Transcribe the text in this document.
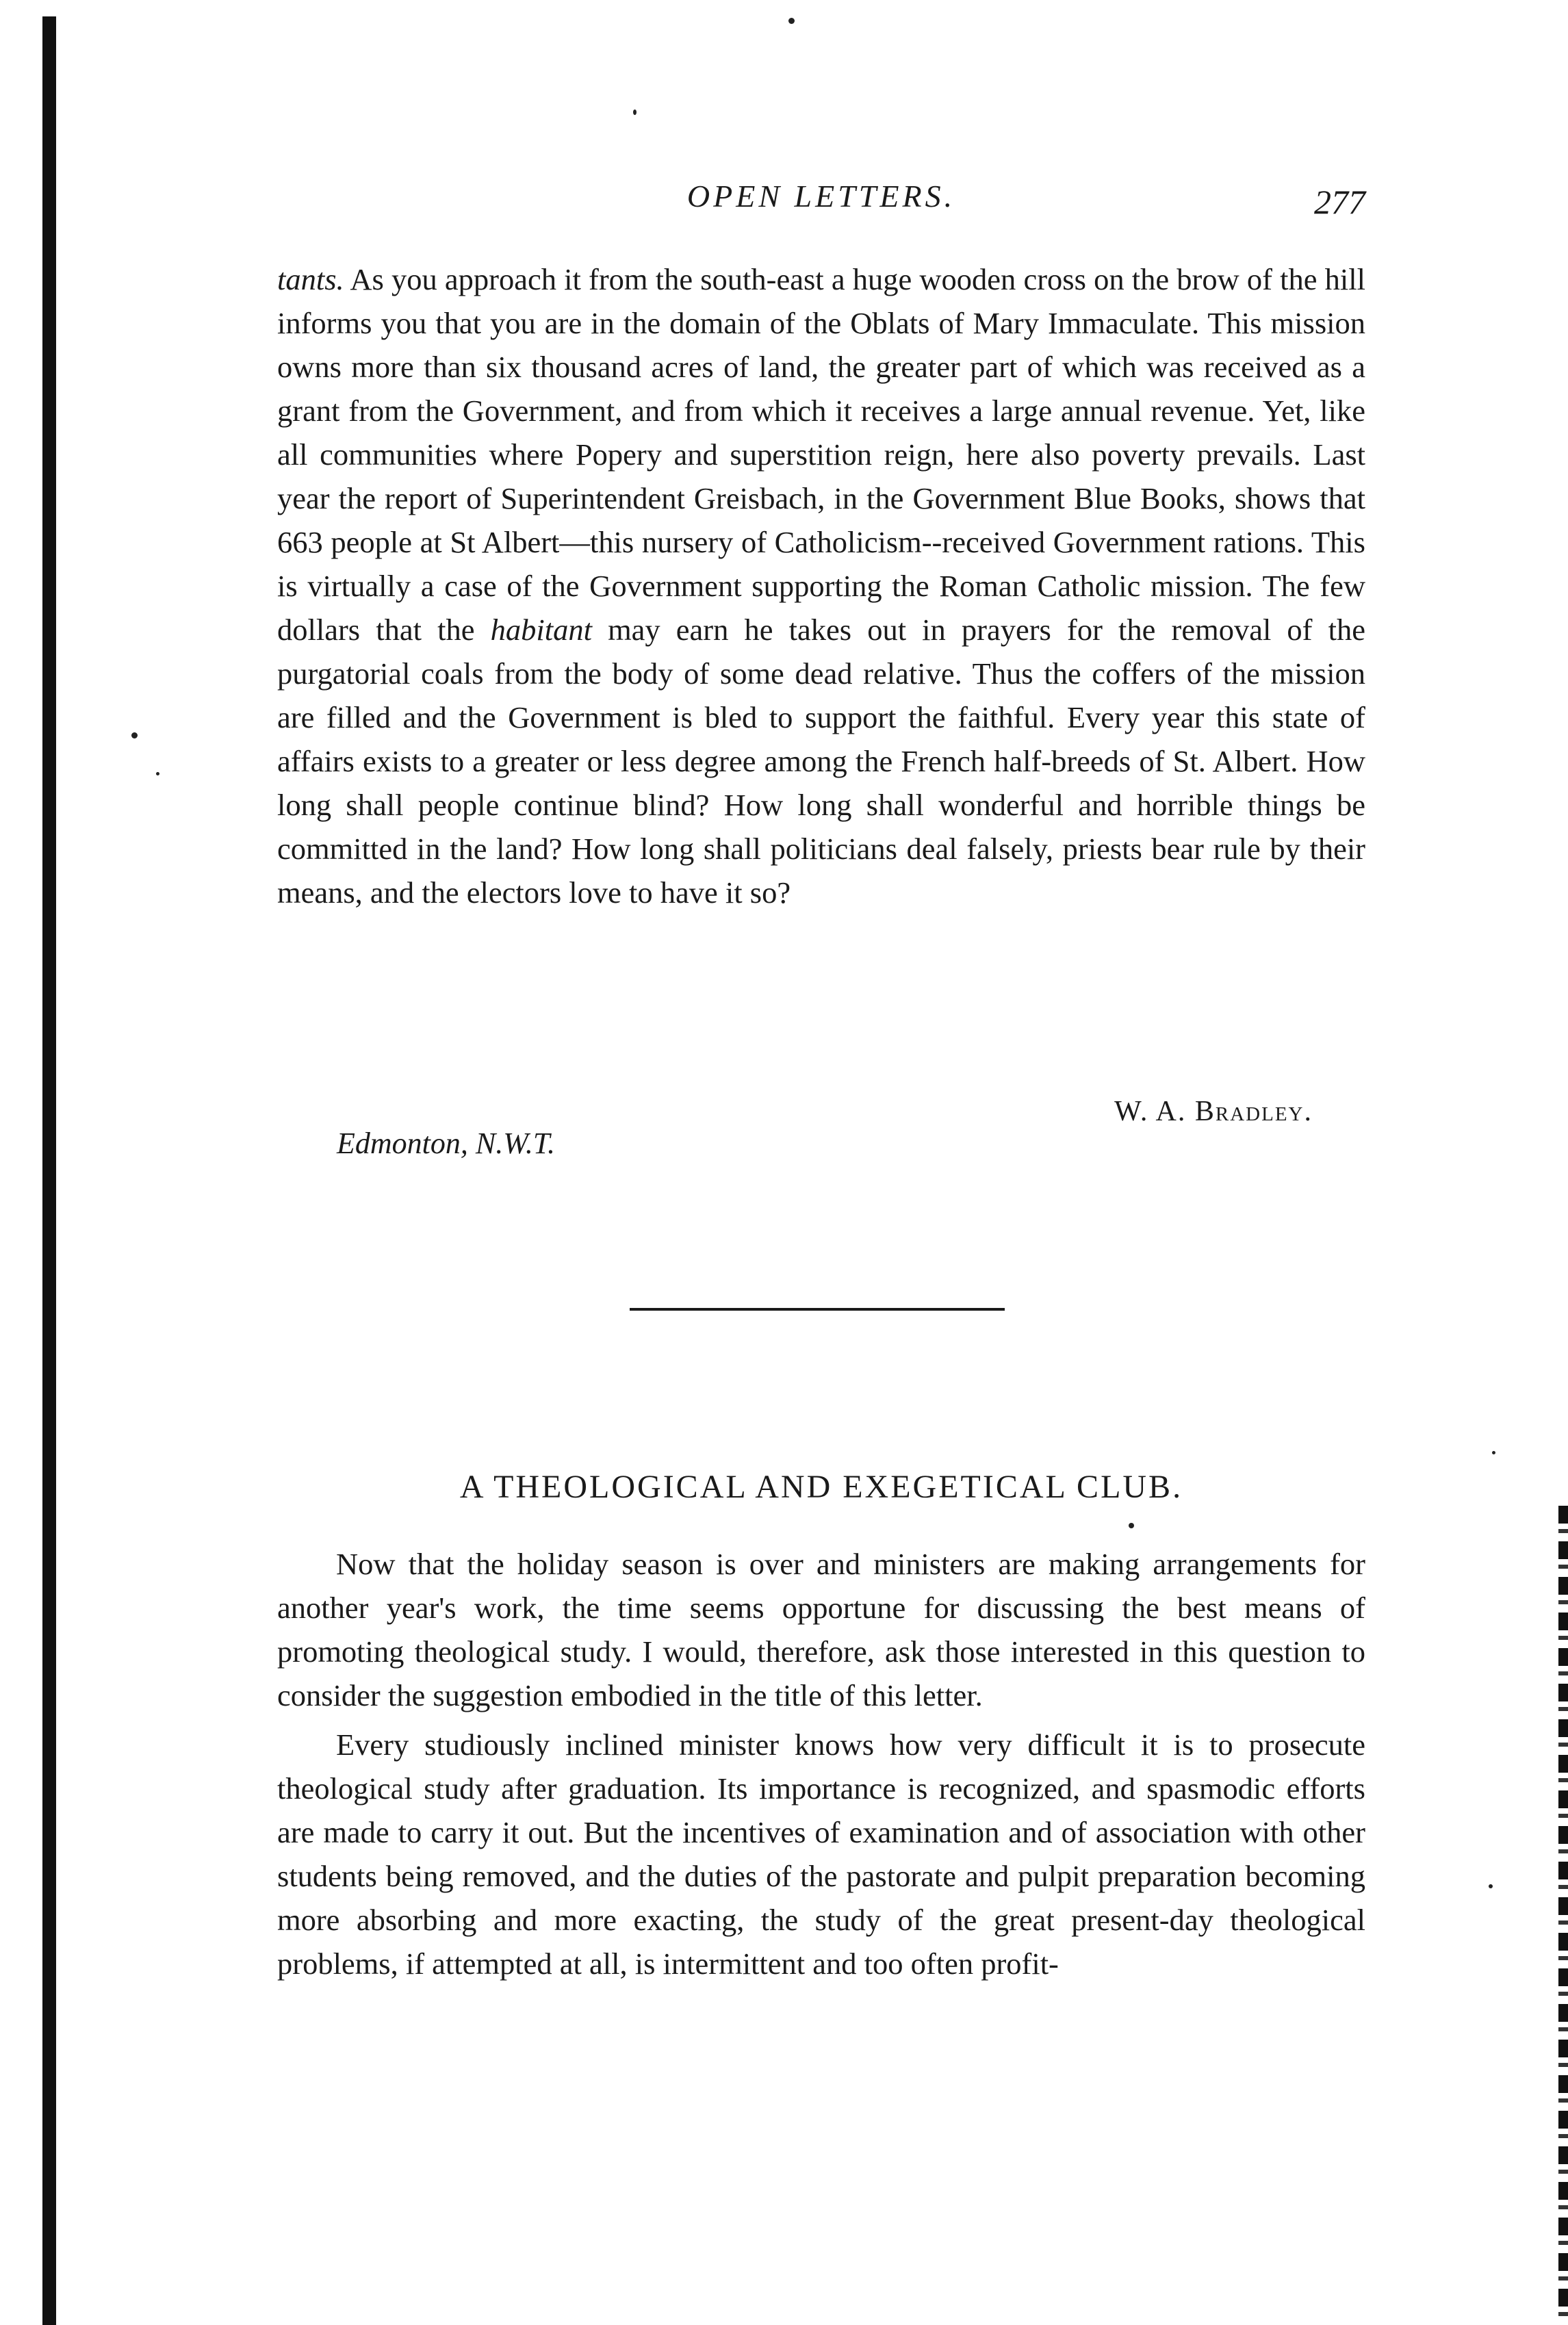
OPEN LETTERS.	277

tants. As you approach it from the south-east a huge wooden cross on the brow of the hill informs you that you are in the domain of the Oblats of Mary Immaculate. This mission owns more than six thousand acres of land, the greater part of which was received as a grant from the Government, and from which it receives a large annual revenue. Yet, like all communities where Popery and superstition reign, here also poverty prevails. Last year the report of Superintendent Greisbach, in the Government Blue Books, shows that 663 people at St Albert—this nursery of Catholicism--received Government rations. This is virtually a case of the Government supporting the Roman Catholic mission. The few dollars that the habitant may earn he takes out in prayers for the removal of the purgatorial coals from the body of some dead relative. Thus the coffers of the mission are filled and the Government is bled to support the faithful. Every year this state of affairs exists to a greater or less degree among the French half-breeds of St. Albert. How long shall people continue blind? How long shall wonderful and horrible things be committed in the land? How long shall politicians deal falsely, priests bear rule by their means, and the electors love to have it so?

W. A. Bradley.
Edmonton, N.W.T.
A THEOLOGICAL AND EXEGETICAL CLUB.

Now that the holiday season is over and ministers are making arrangements for another year's work, the time seems opportune for discussing the best means of promoting theological study. I would, therefore, ask those interested in this question to consider the suggestion embodied in the title of this letter.

Every studiously inclined minister knows how very difficult it is to prosecute theological study after graduation. Its importance is recognized, and spasmodic efforts are made to carry it out. But the incentives of examination and of association with other students being removed, and the duties of the pastorate and pulpit preparation becoming more absorbing and more exacting, the study of the great present-day theological problems, if attempted at all, is intermittent and too often profit-
